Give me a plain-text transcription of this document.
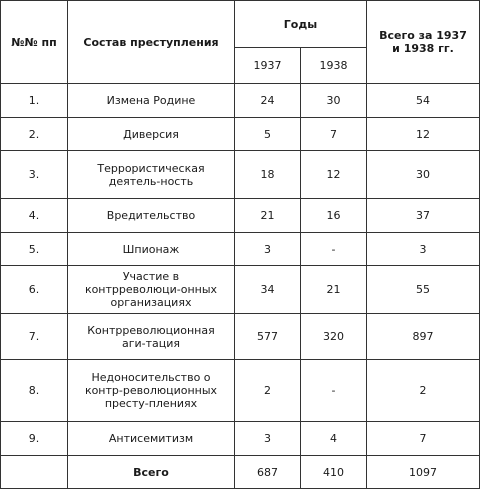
№№ пп	Состав преступления	Годы		Всего за 1937 и 1938 гг.
		1937	1938	
1.	Измена Родине	24	30	54
2.	Диверсия	5	7	12
3.	Террористическая деятель-ность	18	12	30
4.	Вредительство	21	16	37
5.	Шпионаж	3	-	3
6.	Участие в контрреволюци-онных организациях	34	21	55
7.	Контрреволюционная аги-тация	577	320	897
8.	Недоносительство о контр-революционных престу-плениях	2	-	2
9.	Антисемитизм	3	4	7
	Всего	687	410	1097
